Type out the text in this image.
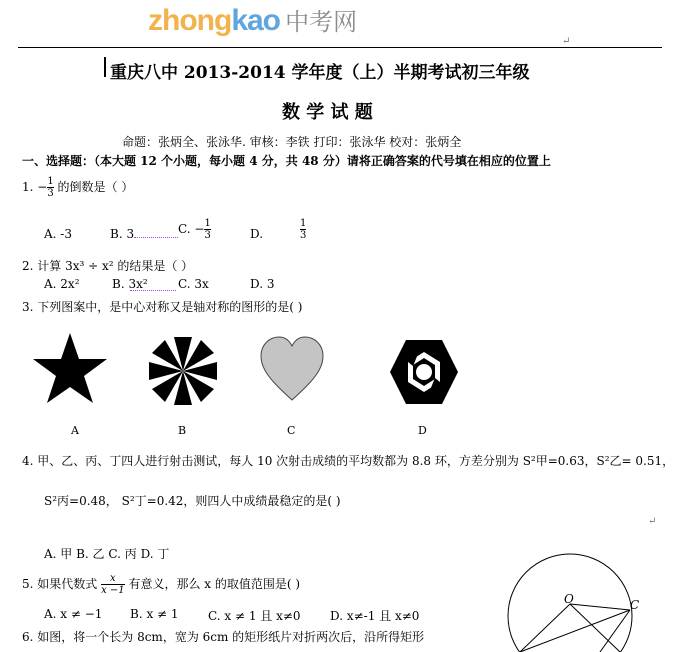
zhongkao 中考网
↵
重庆八中 2013-2014 学年度（上）半期考试初三年级
数 学 试 题
命题：张炳全、张泳华. 审核：李铁 打印：张泳华 校对：张炳全
一、选择题：（本大题 12 个小题，每小题 4 分，共 48 分）请将正确答案的代号填在相应的位置上
1. − $\frac{1}{3}$ 的倒数是（ ）
A. -3	B. 3	C. − $\frac{1}{3}$	D.	$\frac{1}{3}$
2. 计算 3x³ ÷ x² 的结果是（ ）
A. 2x²	B. 3x²	C. 3x	D. 3
3. 下列图案中，是中心对称又是轴对称的图形的是( )
A	B	C	D
4. 甲、乙、丙、丁四人进行射击测试，每人 10 次射击成绩的平均数都为 8.8 环，方差分别为 S²甲=0.63，S²乙= 0.51，
S²丙=0.48， S²丁=0.42，则四人中成绩最稳定的是( )
↵
A. 甲 B. 乙 C. 丙 D. 丁
5. 如果代数式 $\frac{x}{x -1}$ 有意义，那么 x 的取值范围是( )
A. x ≠ −1 B. x ≠ 1 C. x ≠ 1 且 x≠0 D. x≠-1 且 x≠0
6. 如图，将一个长为 8cm，宽为 6cm 的矩形纸片对折两次后，沿所得矩形
O	C
